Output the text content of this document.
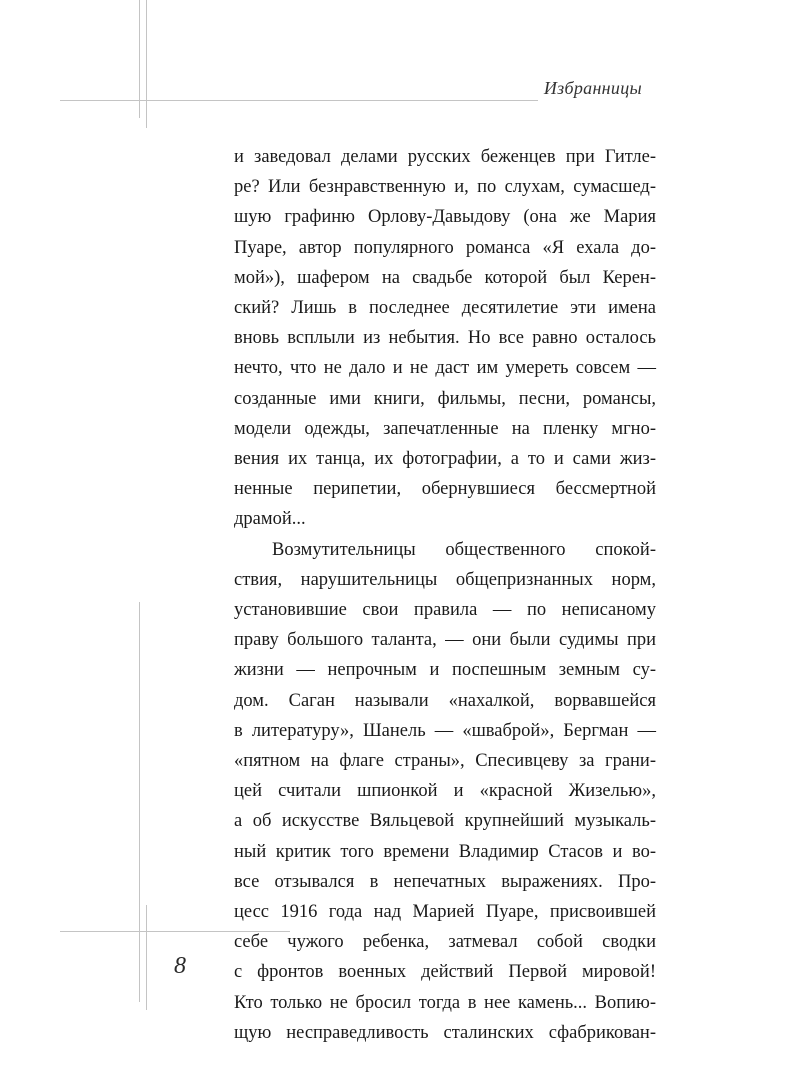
Избранницы
и заведовал делами русских беженцев при Гитле-
ре? Или безнравственную и, по слухам, сумасшед-
шую графиню Орлову-Давыдову (она же Мария
Пуаре, автор популярного романса «Я ехала до-
мой»), шафером на свадьбе которой был Керен-
ский? Лишь в последнее десятилетие эти имена
вновь всплыли из небытия. Но все равно осталось
нечто, что не дало и не даст им умереть совсем —
созданные ими книги, фильмы, песни, романсы,
модели одежды, запечатленные на пленку мгно-
вения их танца, их фотографии, а то и сами жиз-
ненные перипетии, обернувшиеся бессмертной
драмой...
Возмутительницы общественного спокой-
ствия, нарушительницы общепризнанных норм,
установившие свои правила — по неписаному
праву большого таланта, — они были судимы при
жизни — непрочным и поспешным земным су-
дом. Саган называли «нахалкой, ворвавшейся
в литературу», Шанель — «шваброй», Бергман —
«пятном на флаге страны», Спесивцеву за грани-
цей считали шпионкой и «красной Жизелью»,
а об искусстве Вяльцевой крупнейший музыкаль-
ный критик того времени Владимир Стасов и во-
все отзывался в непечатных выражениях. Про-
цесс 1916 года над Марией Пуаре, присвоившей
себе чужого ребенка, затмевал собой сводки
с фронтов военных действий Первой мировой!
Кто только не бросил тогда в нее камень... Вопию-
щую несправедливость сталинских сфабрикован-
8
